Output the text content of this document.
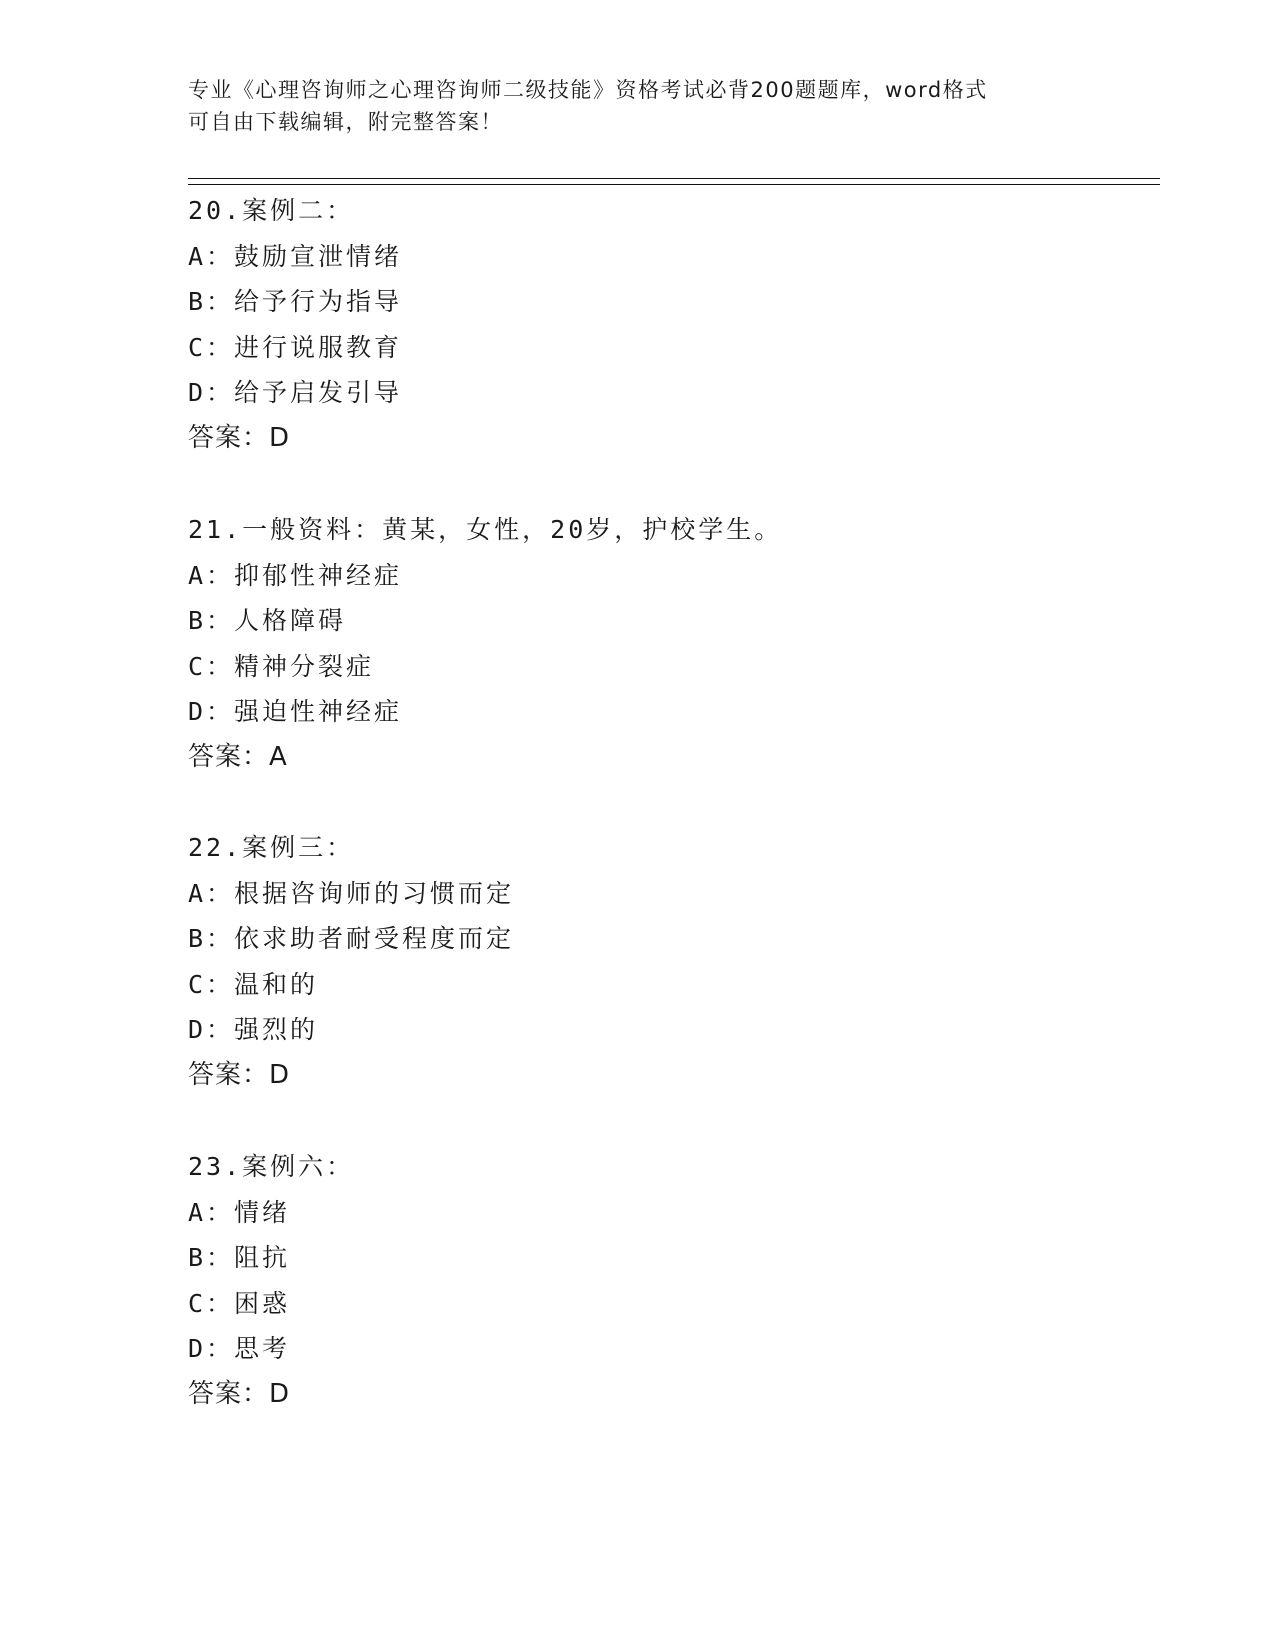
专业《心理咨询师之心理咨询师二级技能》资格考试必背200题题库，word格式
可自由下载编辑，附完整答案！
20.案例二：
A：鼓励宣泄情绪
B：给予行为指导
C：进行说服教育
D：给予启发引导
答案：D
21.一般资料：黄某，女性，20岁，护校学生。
A：抑郁性神经症
B：人格障碍
C：精神分裂症
D：强迫性神经症
答案：A
22.案例三：
A：根据咨询师的习惯而定
B：依求助者耐受程度而定
C：温和的
D：强烈的
答案：D
23.案例六：
A：情绪
B：阻抗
C：困惑
D：思考
答案：D
